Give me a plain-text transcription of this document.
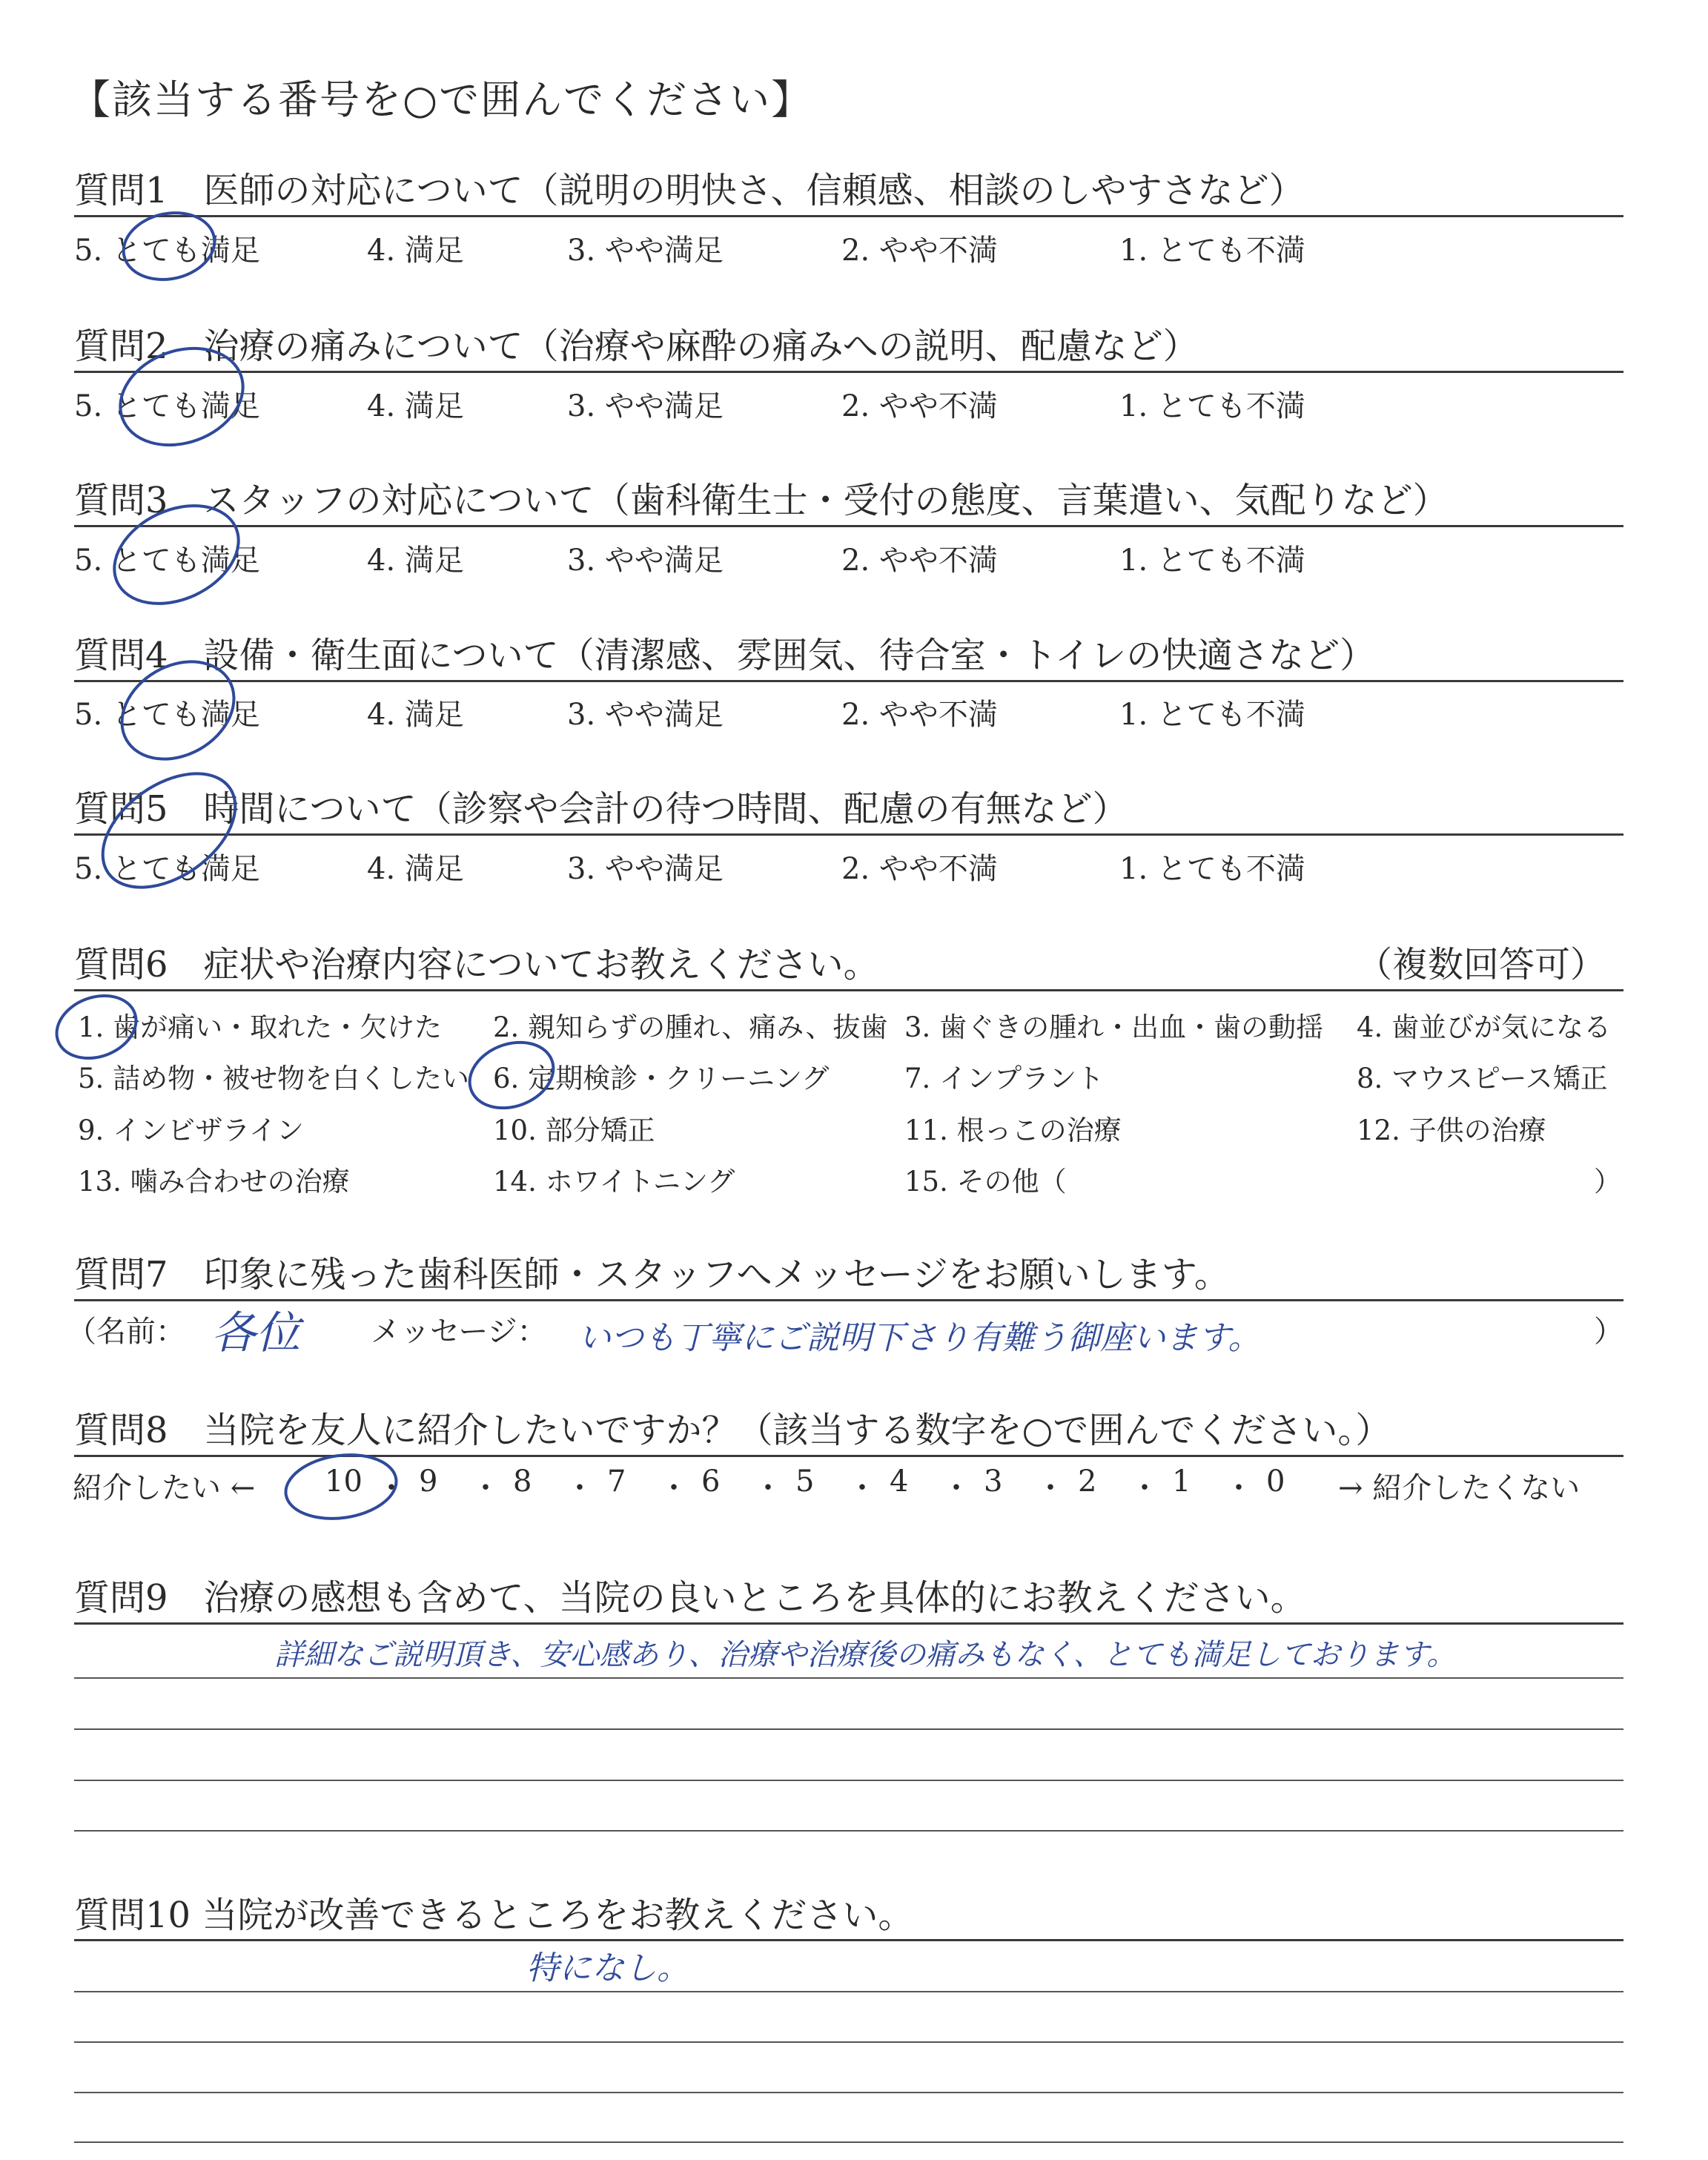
【該当する番号を○で囲んでください】
質問1　医師の対応について（説明の明快さ、信頼感、相談のしやすさなど）
5. とても満足	4. 満足	3. やや満足	2. やや不満	1. とても不満
質問2　治療の痛みについて（治療や麻酔の痛みへの説明、配慮など）
5. とても満足	4. 満足	3. やや満足	2. やや不満	1. とても不満
質問3　スタッフの対応について（歯科衛生士・受付の態度、言葉遣い、気配りなど）
5. とても満足	4. 満足	3. やや満足	2. やや不満	1. とても不満
質問4　設備・衛生面について（清潔感、雰囲気、待合室・トイレの快適さなど）
5. とても満足	4. 満足	3. やや満足	2. やや不満	1. とても不満
質問5　時間について（診察や会計の待つ時間、配慮の有無など）
5. とても満足	4. 満足	3. やや満足	2. やや不満	1. とても不満
質問6　症状や治療内容についてお教えください。	（複数回答可）
1. 歯が痛い・取れた・欠けた 2. 親知らずの腫れ、痛み、抜歯 3. 歯ぐきの腫れ・出血・歯の動揺 4. 歯並びが気になる
5. 詰め物・被せ物を白くしたい 6. 定期検診・クリーニング	7. インプラント	8. マウスピース矯正
9. インビザライン	10. 部分矯正	11. 根っこの治療	12. 子供の治療
13. 噛み合わせの治療	14. ホワイトニング	15. その他（	）
質問7　印象に残った歯科医師・スタッフへメッセージをお願いします。
（名前： 各位 メッセージ： いつも丁寧にご説明下さり有難う御座います。	）
質問8　当院を友人に紹介したいですか？（該当する数字を○で囲んでください。）
紹介したい ← 10 ・ 9 ・ 8 ・ 7 ・ 6 ・ 5 ・ 4 ・ 3 ・ 2 ・ 1 ・ 0 → 紹介したくない
質問9　治療の感想も含めて、当院の良いところを具体的にお教えください。
詳細なご説明頂き、安心感あり、治療や治療後の痛みもなく、とても満足しております。
質問10 当院が改善できるところをお教えください。
特になし。
